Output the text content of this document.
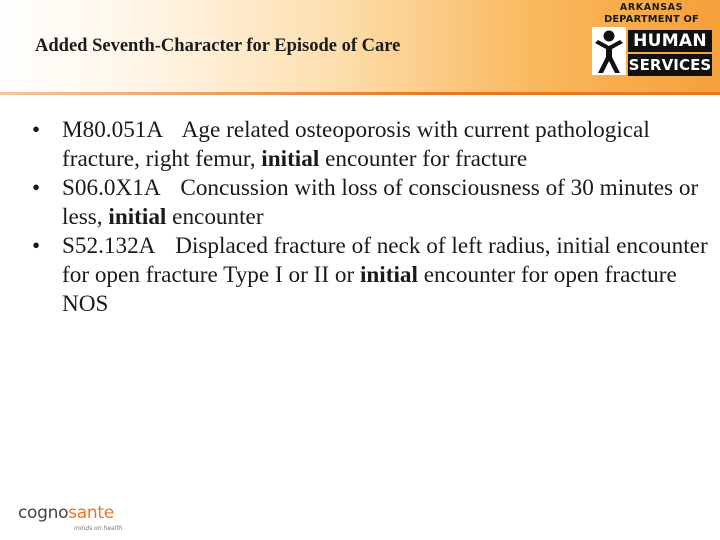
Added Seventh-Character for Episode of Care
ARKANSAS
DEPARTMENT OF
HUMAN
SERVICES
• M80.051A Age related osteoporosis with current pathological fracture, right femur, initial encounter for fracture
• S06.0X1A Concussion with loss of consciousness of 30 minutes or less, initial encounter
• S52.132A Displaced fracture of neck of left radius, initial encounter for open fracture Type I or II or initial encounter for open fracture NOS
cognosante
minds on health
